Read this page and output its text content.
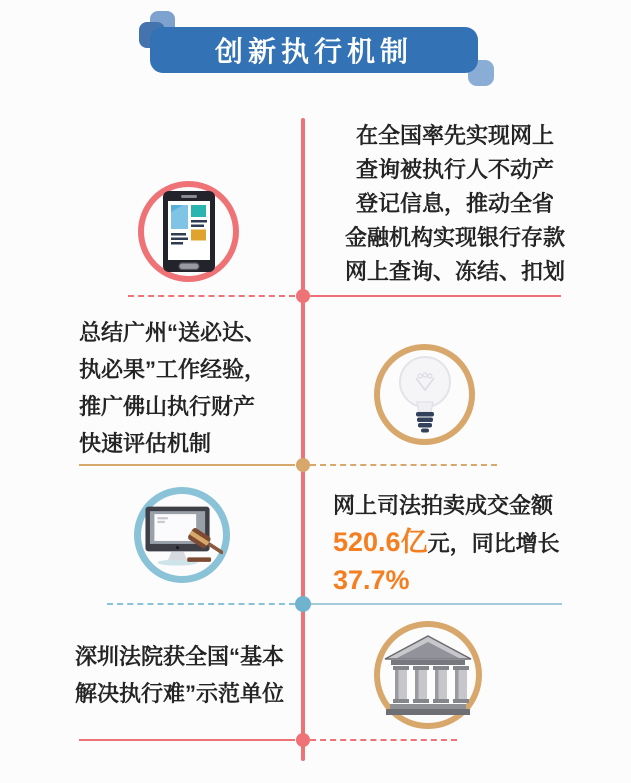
创新执行机制
在全国率先实现网上
查询被执行人不动产
登记信息，推动全省
金融机构实现银行存款
网上查询、冻结、扣划
总结广州“送必达、
执必果”工作经验，
推广佛山执行财产
快速评估机制
网上司法拍卖成交金额
520.6亿元，同比增长
37.7%
深圳法院获全国“基本
解决执行难”示范单位
